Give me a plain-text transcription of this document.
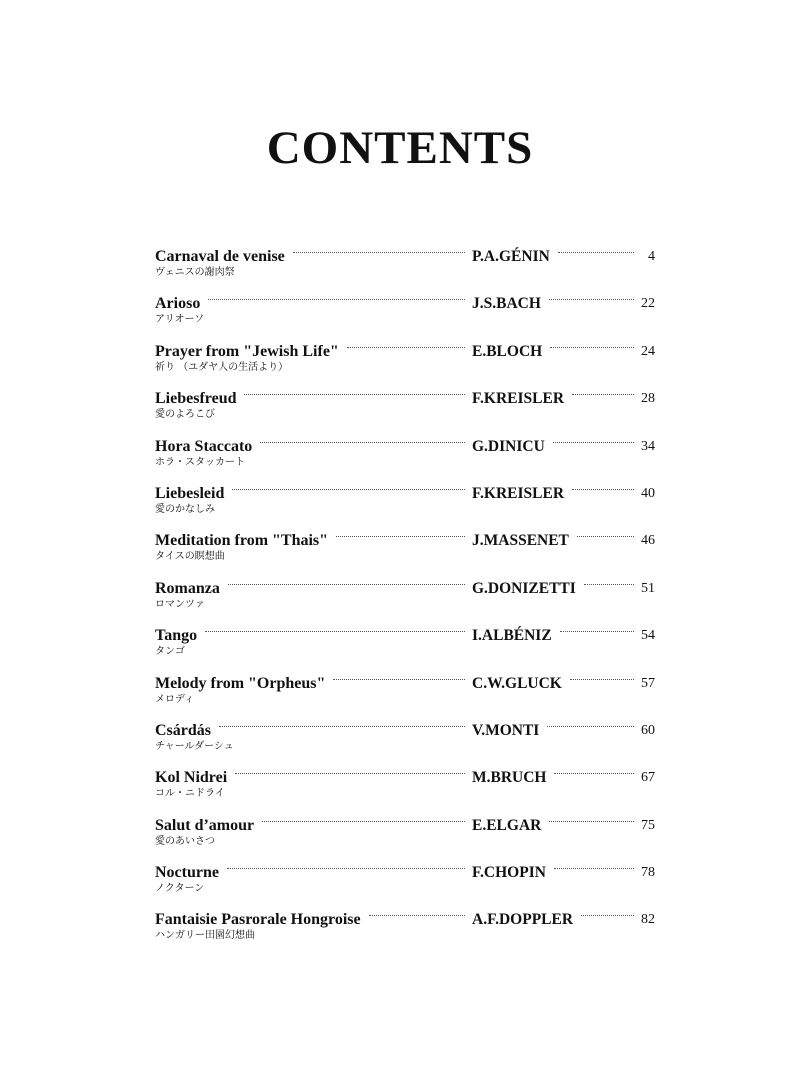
CONTENTS
Carnaval de venise	P.A.GÉNIN	4
ヴェニスの謝肉祭
Arioso	J.S.BACH	22
アリオーソ
Prayer from "Jewish Life"	E.BLOCH	24
祈り （ユダヤ人の生活より）
Liebesfreud	F.KREISLER	28
愛のよろこび
Hora Staccato	G.DINICU	34
ホラ・スタッカート
Liebesleid	F.KREISLER	40
愛のかなしみ
Meditation from "Thais"	J.MASSENET	46
タイスの瞑想曲
Romanza	G.DONIZETTI	51
ロマンツァ
Tango	I.ALBÉNIZ	54
タンゴ
Melody from "Orpheus"	C.W.GLUCK	57
メロディ
Csárdás	V.MONTI	60
チャールダーシュ
Kol Nidrei	M.BRUCH	67
コル・ニドライ
Salut d’amour	E.ELGAR	75
愛のあいさつ
Nocturne	F.CHOPIN	78
ノクターン
Fantaisie Pasrorale Hongroise	A.F.DOPPLER	82
ハンガリー田園幻想曲
